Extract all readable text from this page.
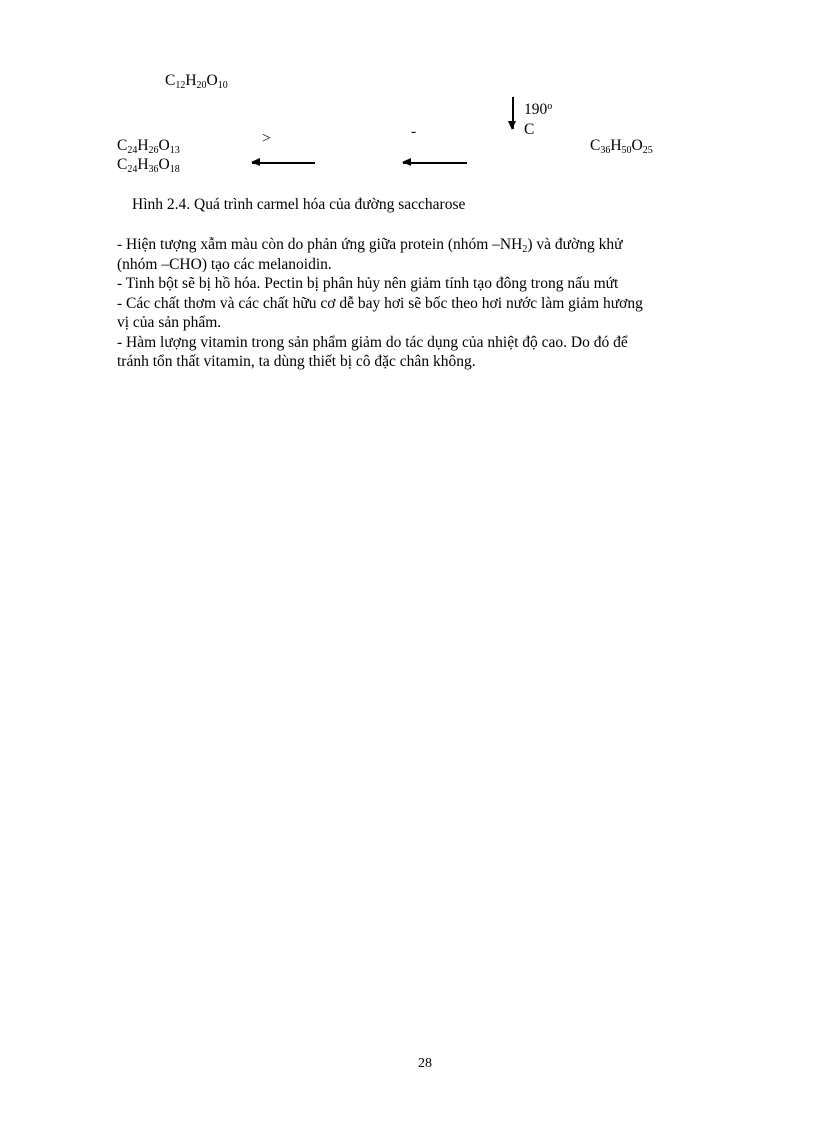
$C_{12}H_{20}O_{10}$
190$^o$
C
$C_{24}H_{26}O_{13}$
$C_{24}H_{36}O_{18}$
>	-
$C_{36}H_{50}O_{25}$
Hình 2.4. Quá trình carmel hóa của đường saccharose

- Hiện tượng xẫm màu còn do phản ứng giữa protein (nhóm $-NH_2$) và đường khử

(nhóm –CHO) tạo các melanoidin.

- Tinh bột sẽ bị hồ hóa. Pectin bị phân hủy nên giảm tính tạo đông trong nấu mứt

- Các chất thơm và các chất hữu cơ dễ bay hơi sẽ bốc theo hơi nước làm giảm hương

vị của sản phẩm.

- Hàm lượng vitamin trong sản phẩm giảm do tác dụng của nhiệt độ cao. Do đó để

tránh tổn thất vitamin, ta dùng thiết bị cô đặc chân không.

28
